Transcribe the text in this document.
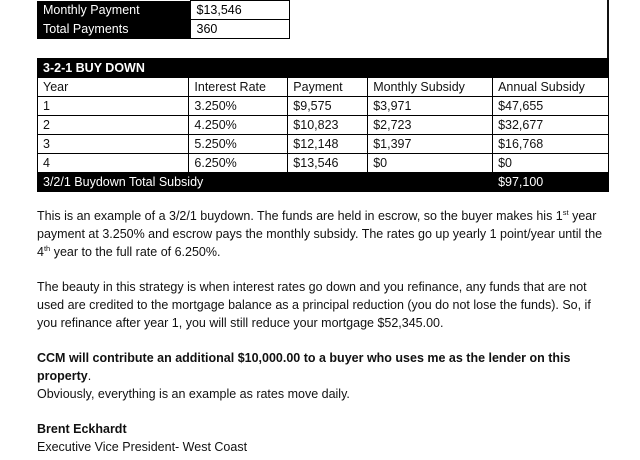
Monthly Payment	$13,546
Total Payments	360
3-2-1 BUY DOWN				
Year	Interest Rate	Payment	Monthly Subsidy	Annual Subsidy
1	3.250%	$9,575	$3,971	$47,655
2	4.250%	$10,823	$2,723	$32,677
3	5.250%	$12,148	$1,397	$16,768
4	6.250%	$13,546	$0	$0
3/2/1 Buydown Total Subsidy				$97,100

This is an example of a 3/2/1 buydown. The funds are held in escrow, so the buyer makes his 1st year payment at 3.250% and escrow pays the monthly subsidy. The rates go up yearly 1 point/year until the 4th year to the full rate of 6.250%.

The beauty in this strategy is when interest rates go down and you refinance, any funds that are not used are credited to the mortgage balance as a principal reduction (you do not lose the funds). So, if you refinance after year 1, you will still reduce your mortgage $52,345.00.

CCM will contribute an additional $10,000.00 to a buyer who uses me as the lender on this property.

Obviously, everything is an example as rates move daily.

Brent Eckhardt

Executive Vice President- West Coast
